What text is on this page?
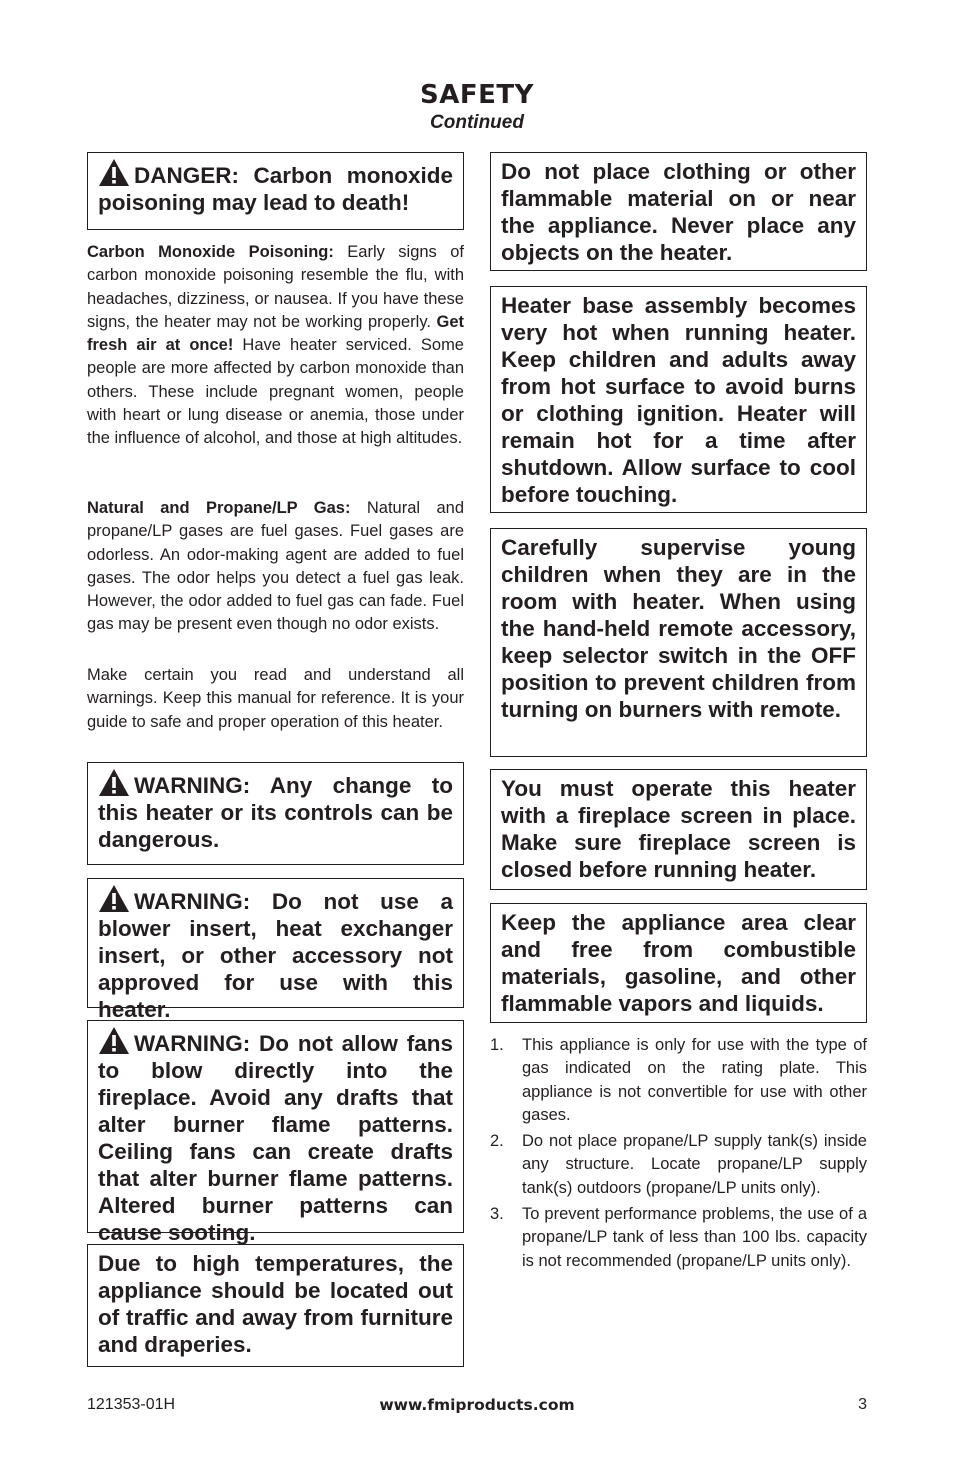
SAFETY
Continued
DANGER: Carbon monoxide poisoning may lead to death!

Carbon Monoxide Poisoning: Early signs of carbon monoxide poisoning resemble the flu, with headaches, dizziness, or nausea. If you have these signs, the heater may not be working properly. Get fresh air at once! Have heater serviced. Some people are more affected by carbon monoxide than others. These include pregnant women, people with heart or lung disease or anemia, those under the influence of alcohol, and those at high altitudes.

Natural and Propane/LP Gas: Natural and propane/LP gases are fuel gases. Fuel gases are odorless. An odor-making agent are added to fuel gases. The odor helps you detect a fuel gas leak. However, the odor added to fuel gas can fade. Fuel gas may be present even though no odor exists.

Make certain you read and understand all warnings. Keep this manual for reference. It is your guide to safe and proper operation of this heater.

WARNING: Any change to this heater or its controls can be dangerous.
WARNING: Do not use a blower insert, heat exchanger insert, or other accessory not approved for use with this heater.
WARNING: Do not allow fans to blow directly into the fireplace. Avoid any drafts that alter burner flame patterns. Ceiling fans can create drafts that alter burner flame patterns. Altered burner patterns can cause sooting.
Due to high temperatures, the appliance should be located out of traffic and away from furniture and draperies.
Do not place clothing or other flammable material on or near the appliance. Never place any objects on the heater.
Heater base assembly becomes very hot when running heater. Keep children and adults away from hot surface to avoid burns or clothing ignition. Heater will remain hot for a time after shutdown. Allow surface to cool before touching.
Carefully supervise young children when they are in the room with heater. When using the hand-held remote accessory, keep selector switch in the OFF position to prevent children from turning on burners with remote.
You must operate this heater with a fireplace screen in place. Make sure fireplace screen is closed before running heater.
Keep the appliance area clear and free from combustible materials, gasoline, and other flammable vapors and liquids.
1. This appliance is only for use with the type of gas indicated on the rating plate. This appliance is not convertible for use with other gases.
2. Do not place propane/LP supply tank(s) inside any structure. Locate propane/LP supply tank(s) outdoors (propane/LP units only).
3. To prevent performance problems, the use of a propane/LP tank of less than 100 lbs. capacity is not recommended (propane/LP units only).
121353-01H	www.fmiproducts.com	3
